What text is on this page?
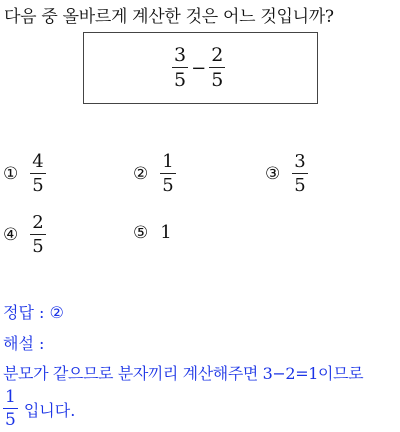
다음 중 올바르게 계산한 것은 어느 것입니까?
$\frac{3}{5} - \frac{2}{5}$
① $\frac{4}{5}$	② $\frac{1}{5}$	③ $\frac{3}{5}$
④ $\frac{2}{5}$	⑤ 1
정답 : ②
해설 :
분모가 같으므로 분자끼리 계산해주면 3−2=1이므로
$\frac{1}{5}$ 입니다.
